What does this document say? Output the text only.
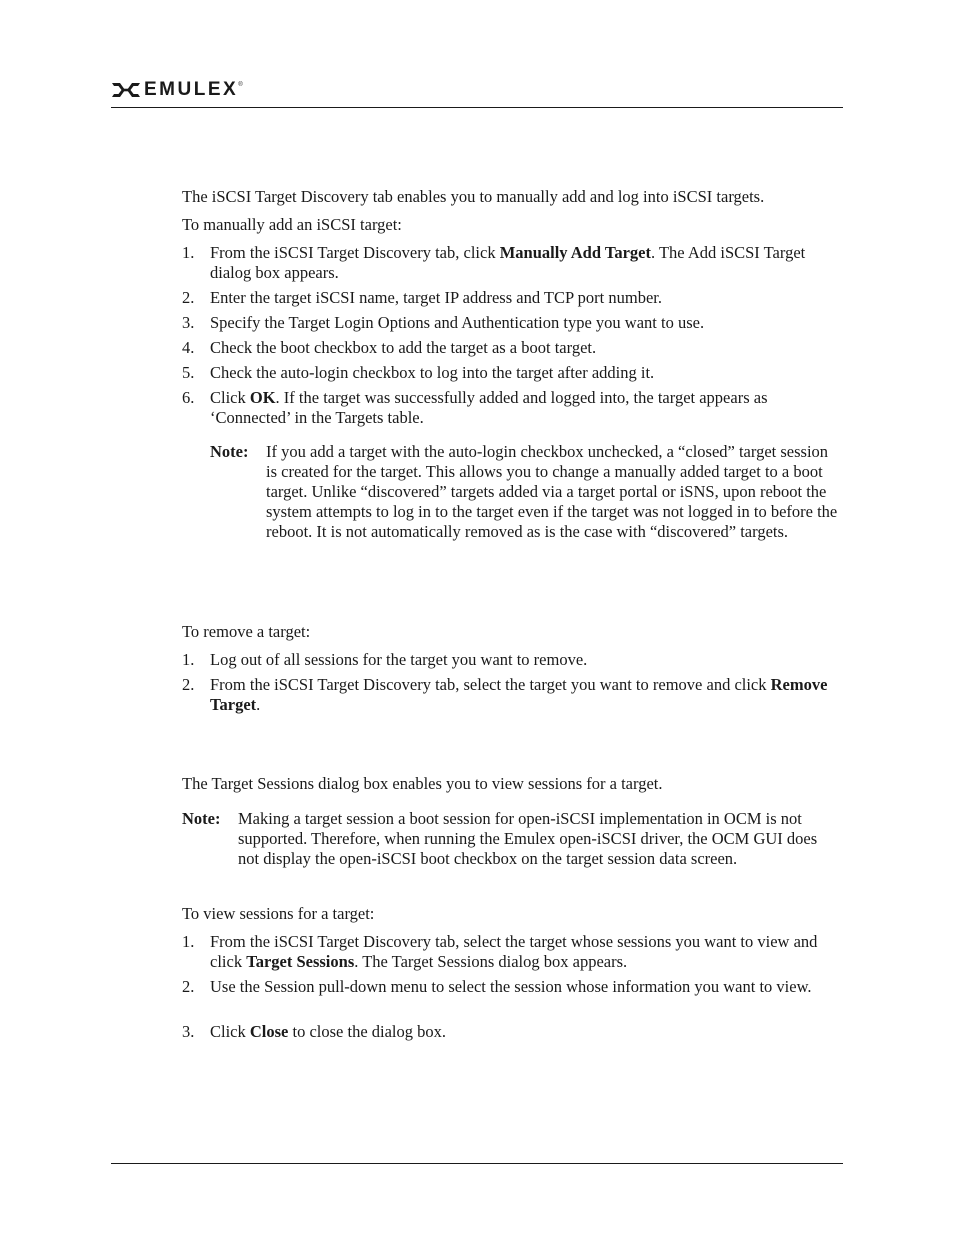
EMULEX ®

The iSCSI Target Discovery tab enables you to manually add and log into iSCSI targets.

To manually add an iSCSI target:

1. From the iSCSI Target Discovery tab, click Manually Add Target. The Add iSCSI Target dialog box appears.
2. Enter the target iSCSI name, target IP address and TCP port number.
3. Specify the Target Login Options and Authentication type you want to use.
4. Check the boot checkbox to add the target as a boot target.
5. Check the auto-login checkbox to log into the target after adding it.
6. Click OK. If the target was successfully added and logged into, the target appears as ‘Connected’ in the Targets table.
Note: If you add a target with the auto-login checkbox unchecked, a “closed” target session is created for the target. This allows you to change a manually added target to a boot target. Unlike “discovered” targets added via a target portal or iSNS, upon reboot the system attempts to log in to the target even if the target was not logged in to before the reboot. It is not automatically removed as is the case with “discovered” targets.

To remove a target:

1. Log out of all sessions for the target you want to remove.
2. From the iSCSI Target Discovery tab, select the target you want to remove and click Remove Target.

The Target Sessions dialog box enables you to view sessions for a target.

Note: Making a target session a boot session for open-iSCSI implementation in OCM is not supported. Therefore, when running the Emulex open-iSCSI driver, the OCM GUI does not display the open-iSCSI boot checkbox on the target session data screen.

To view sessions for a target:

1. From the iSCSI Target Discovery tab, select the target whose sessions you want to view and click Target Sessions. The Target Sessions dialog box appears.
2. Use the Session pull-down menu to select the session whose information you want to view.
3. Click Close to close the dialog box.
